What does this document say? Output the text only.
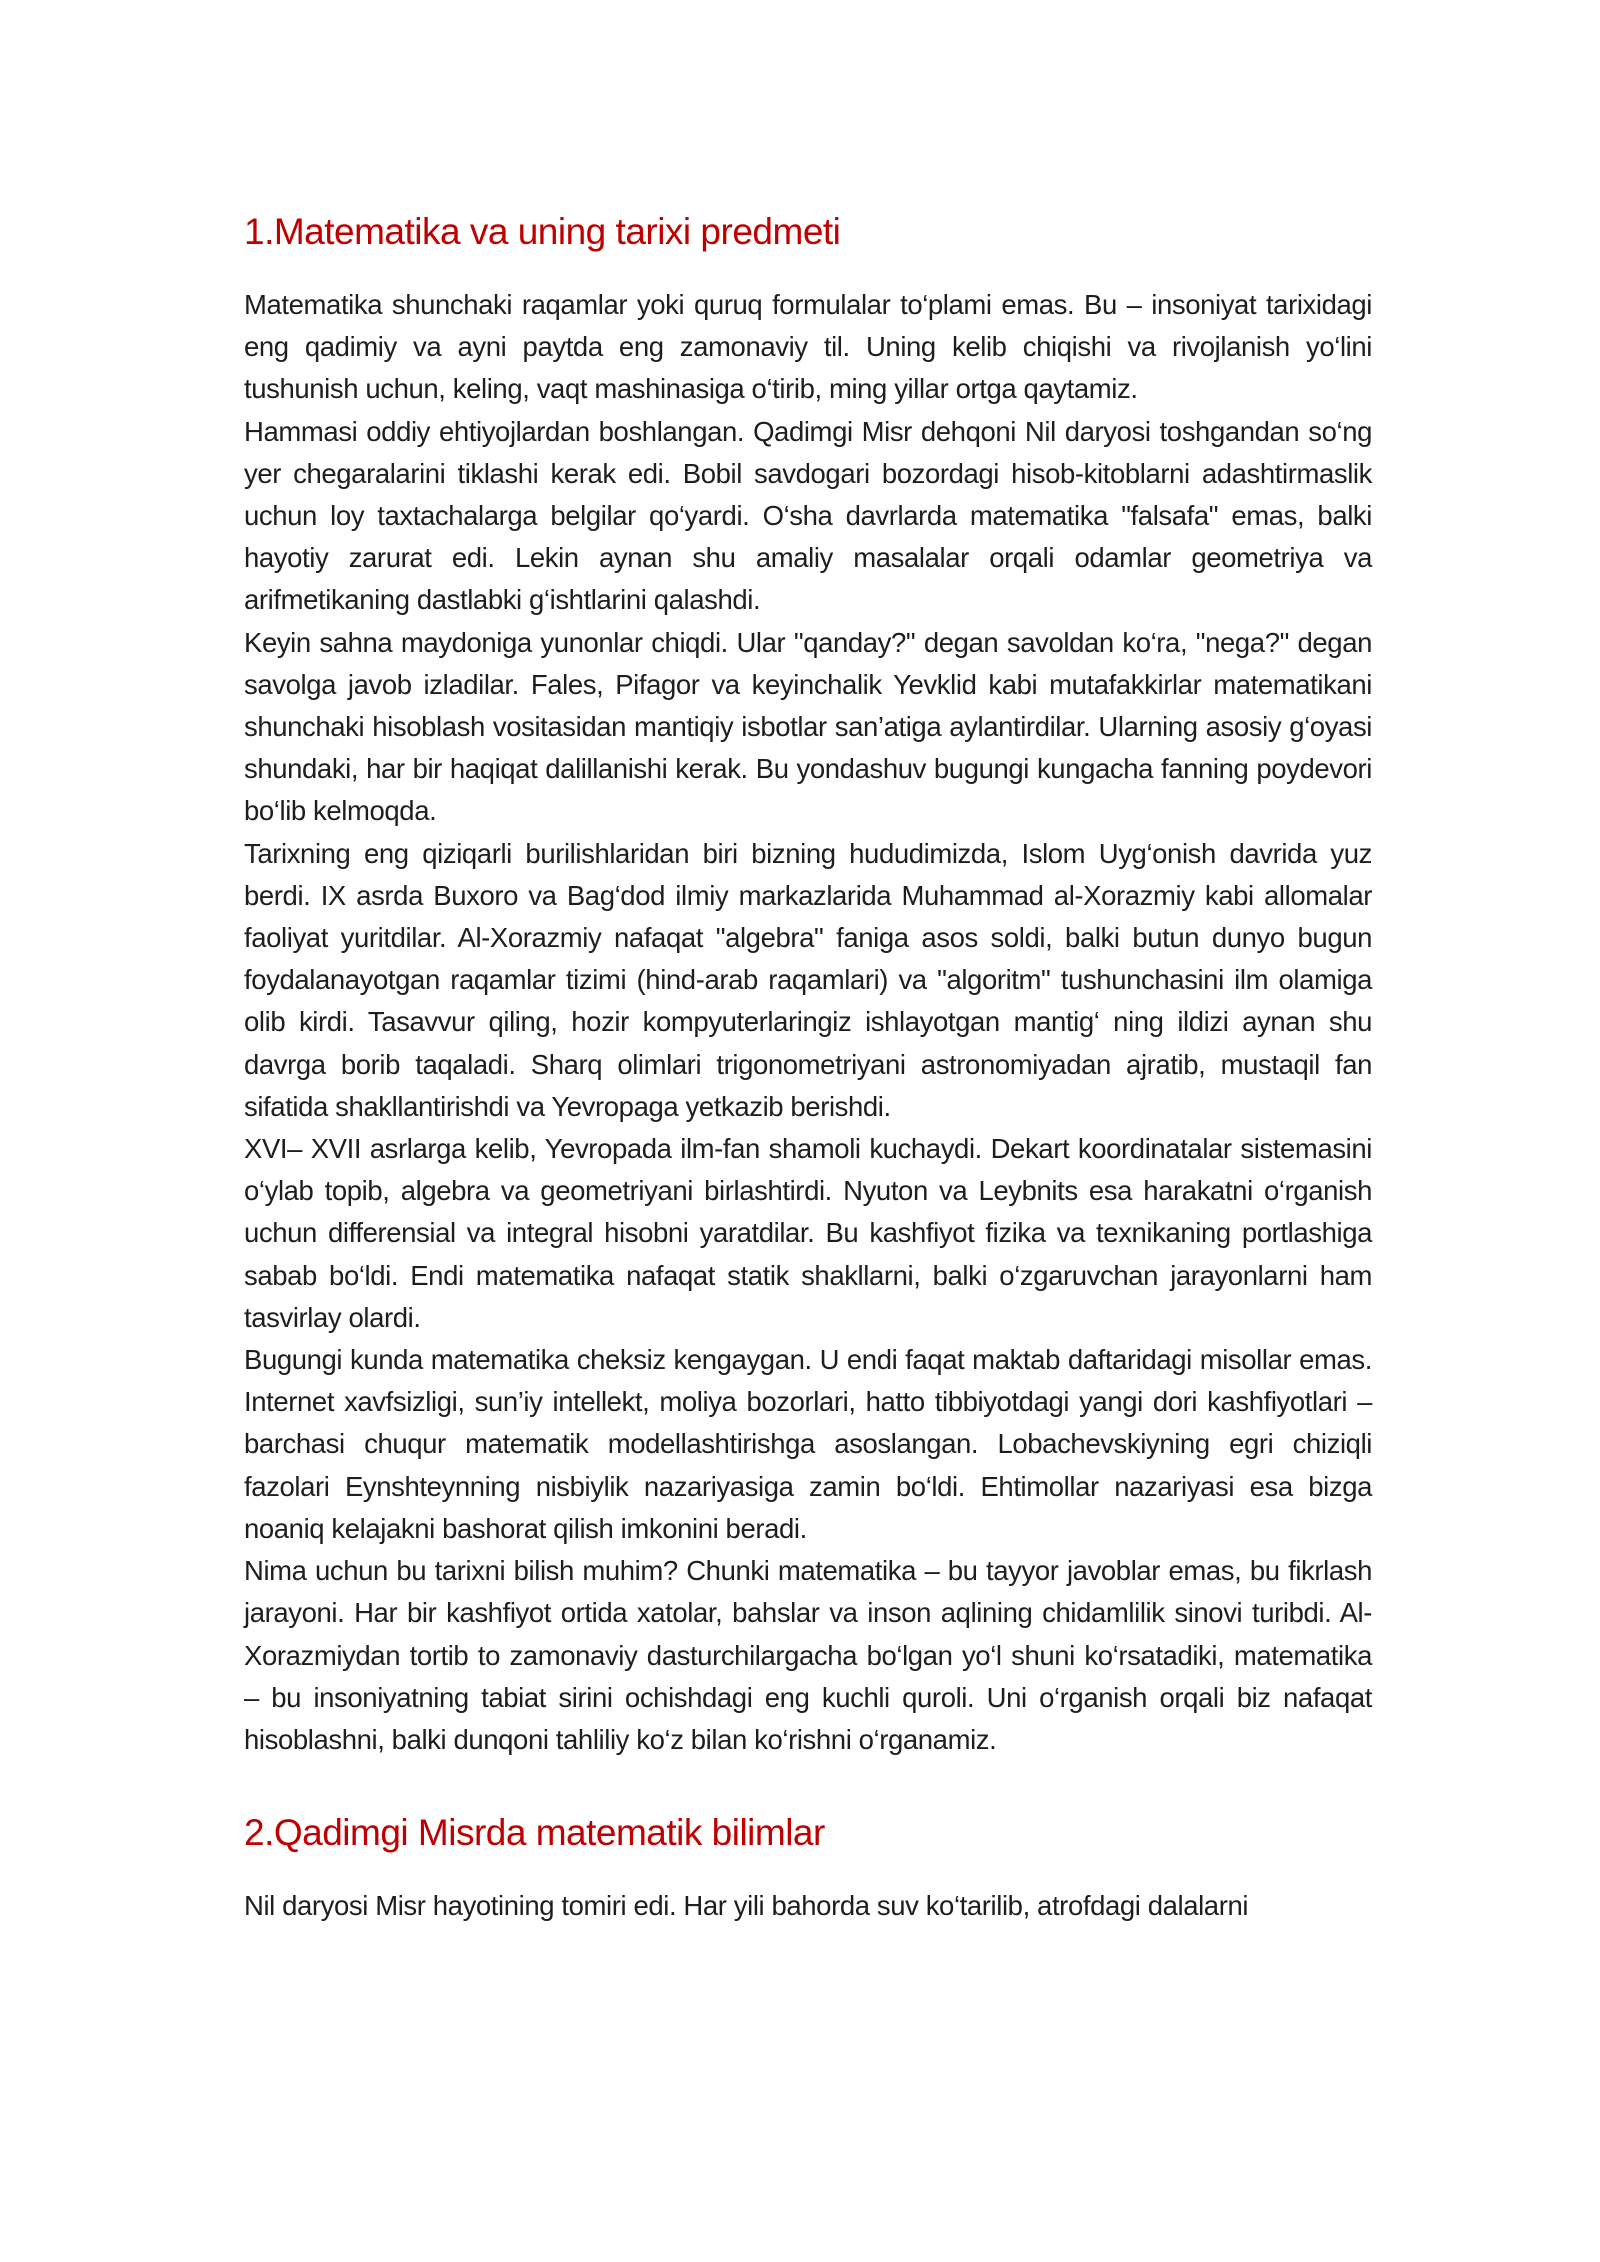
1.Matematika va uning tarixi predmeti

Matematika shunchaki raqamlar yoki quruq formulalar to‘plami emas. Bu – insoniyat tarixidagi eng qadimiy va ayni paytda eng zamonaviy til. Uning kelib chiqishi va rivojlanish yo‘lini tushunish uchun, keling, vaqt mashinasiga o‘tirib, ming yillar ortga qaytamiz.

Hammasi oddiy ehtiyojlardan boshlangan. Qadimgi Misr dehqoni Nil daryosi toshgandan so‘ng yer chegaralarini tiklashi kerak edi. Bobil savdogari bozordagi hisob-kitoblarni adashtirmaslik uchun loy taxtachalarga belgilar qo‘yardi. O‘sha davrlarda matematika "falsafa" emas, balki hayotiy zarurat edi. Lekin aynan shu amaliy masalalar orqali odamlar geometriya va arifmetikaning dastlabki g‘ishtlarini qalashdi.

Keyin sahna maydoniga yunonlar chiqdi. Ular "qanday?" degan savoldan ko‘ra, "nega?" degan savolga javob izladilar. Fales, Pifagor va keyinchalik Yevklid kabi mutafakkirlar matematikani shunchaki hisoblash vositasidan mantiqiy isbotlar san’atiga aylantirdilar. Ularning asosiy g‘oyasi shundaki, har bir haqiqat dalillanishi kerak. Bu yondashuv bugungi kungacha fanning poydevori bo‘lib kelmoqda.

Tarixning eng qiziqarli burilishlaridan biri bizning hududimizda, Islom Uyg‘onish davrida yuz berdi. IX asrda Buxoro va Bag‘dod ilmiy markazlarida Muhammad al-Xorazmiy kabi allomalar faoliyat yuritdilar. Al-Xorazmiy nafaqat "algebra" faniga asos soldi, balki butun dunyo bugun foydalanayotgan raqamlar tizimi (hind-arab raqamlari) va "algoritm" tushunchasini ilm olamiga olib kirdi. Tasavvur qiling, hozir kompyuterlaringiz ishlayotgan mantig‘ ning ildizi aynan shu davrga borib taqaladi. Sharq olimlari trigonometriyani astronomiyadan ajratib, mustaqil fan sifatida shakllantirishdi va Yevropaga yetkazib berishdi.

XVI– XVII asrlarga kelib, Yevropada ilm-fan shamoli kuchaydi. Dekart koordinatalar sistemasini o‘ylab topib, algebra va geometriyani birlashtirdi. Nyuton va Leybnits esa harakatni o‘rganish uchun differensial va integral hisobni yaratdilar. Bu kashfiyot fizika va texnikaning portlashiga sabab bo‘ldi. Endi matematika nafaqat statik shakllarni, balki o‘zgaruvchan jarayonlarni ham tasvirlay olardi.

Bugungi kunda matematika cheksiz kengaygan. U endi faqat maktab daftaridagi misollar emas. Internet xavfsizligi, sun’iy intellekt, moliya bozorlari, hatto tibbiyotdagi yangi dori kashfiyotlari – barchasi chuqur matematik modellashtirishga asoslangan. Lobachevskiyning egri chiziqli fazolari Eynshteynning nisbiylik nazariyasiga zamin bo‘ldi. Ehtimollar nazariyasi esa bizga noaniq kelajakni bashorat qilish imkonini beradi.

Nima uchun bu tarixni bilish muhim? Chunki matematika – bu tayyor javoblar emas, bu fikrlash jarayoni. Har bir kashfiyot ortida xatolar, bahslar va inson aqlining chidamlilik sinovi turibdi. Al-Xorazmiydan tortib to zamonaviy dasturchilargacha bo‘lgan yo‘l shuni ko‘rsatadiki, matematika – bu insoniyatning tabiat sirini ochishdagi eng kuchli quroli. Uni o‘rganish orqali biz nafaqat hisoblashni, balki dunqoni tahliliy ko‘z bilan ko‘rishni o‘rganamiz.

2.Qadimgi Misrda matematik bilimlar

Nil daryosi Misr hayotining tomiri edi. Har yili bahorda suv ko‘tarilib, atrofdagi dalalarni
